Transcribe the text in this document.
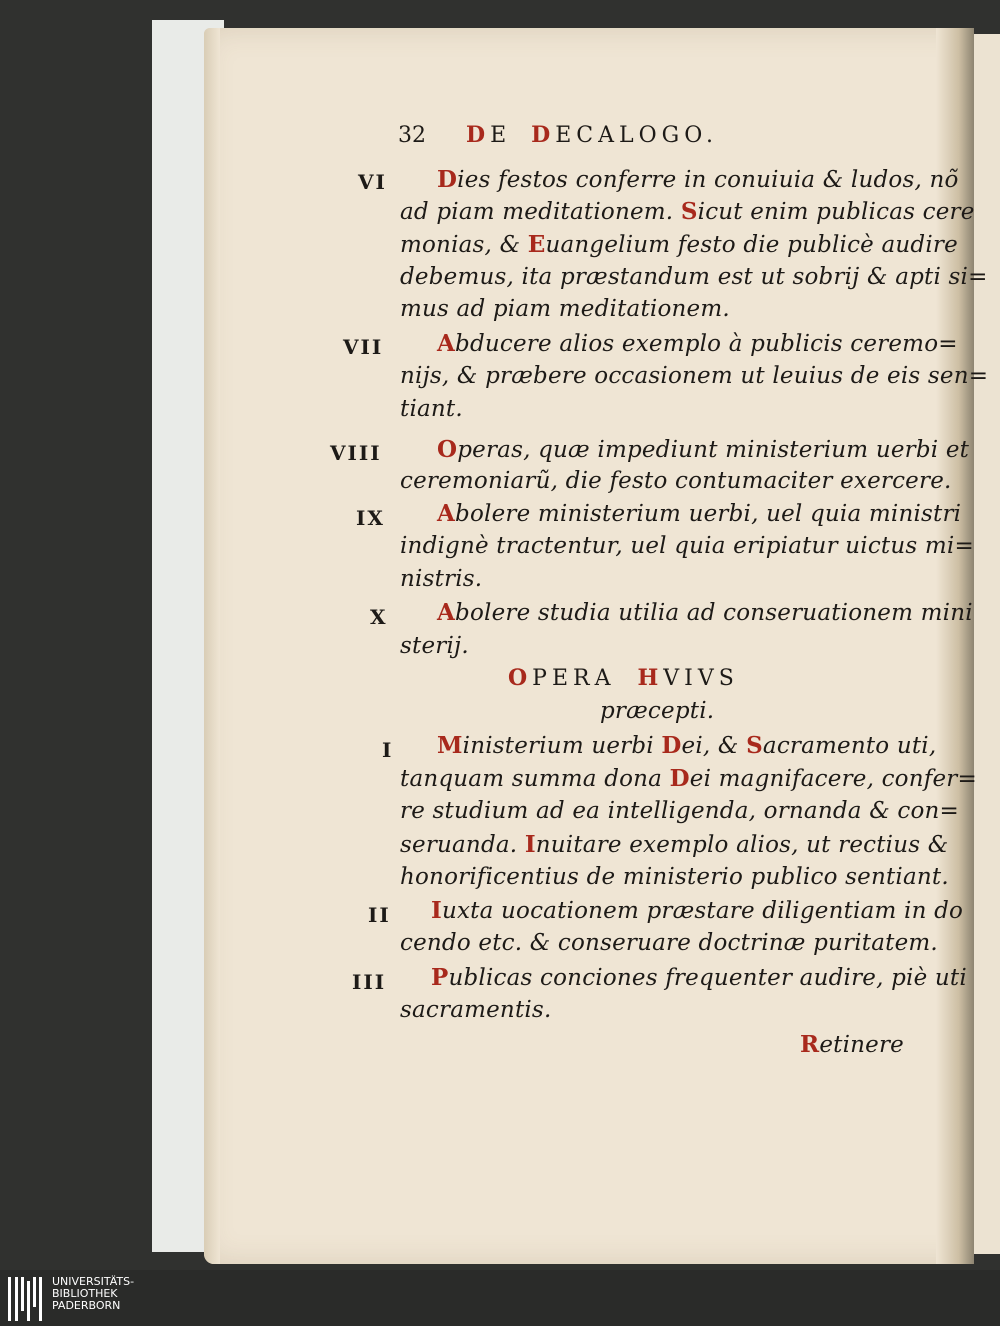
32 DE DECALOGO.

VI Dies festos conferre in conuiuia & ludos, nõ

ad piam meditationem. Sicut enim publicas cere

monias, & Euangelium festo die publicè audire

debemus, ita præstandum est ut sobrij & apti si=

mus ad piam meditationem.

VII Abducere alios exemplo à publicis ceremo=

nijs, & præbere occasionem ut leuius de eis sen=

tiant.

VIII Operas, quæ impediunt ministerium uerbi et

ceremoniarũ, die festo contumaciter exercere.

IX Abolere ministerium uerbi, uel quia ministri

indignè tractentur, uel quia eripiatur uictus mi=

nistris.

X Abolere studia utilia ad conseruationem mini

sterij.

OPERA HVIVS

præcepti.

I Ministerium uerbi Dei, & Sacramento uti,

tanquam summa dona Dei magnifacere, confer=

re studium ad ea intelligenda, ornanda & con=

seruanda. Inuitare exemplo alios, ut rectius &

honorificentius de ministerio publico sentiant.

II Iuxta uocationem præstare diligentiam in do

cendo etc. & conseruare doctrinæ puritatem.

III Publicas conciones frequenter audire, piè uti

sacramentis.

Retinere

UNIVERSITÄTS-
BIBLIOTHEK
PADERBORN
